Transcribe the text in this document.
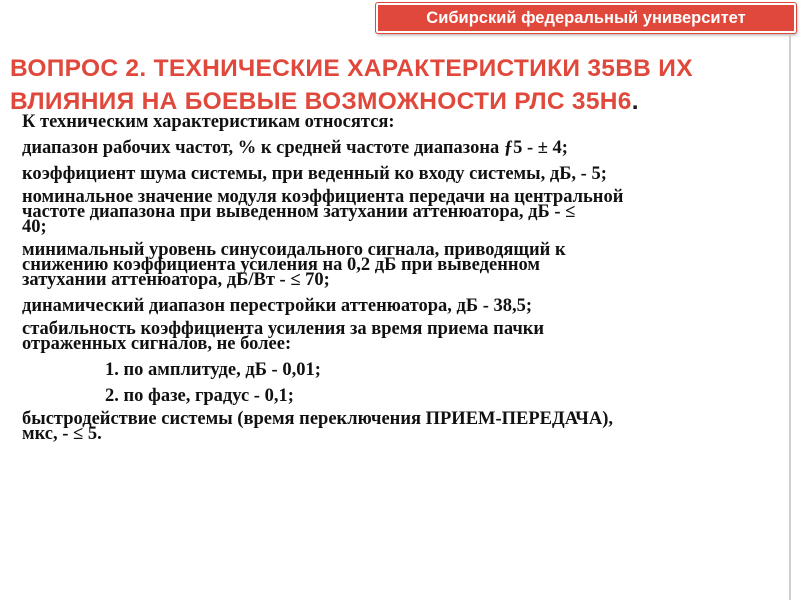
Сибирский федеральный университет
ВОПРОС 2. ТЕХНИЧЕСКИЕ ХАРАКТЕРИСТИКИ 35ВВ ИХ
ВЛИЯНИЯ НА БОЕВЫЕ ВОЗМОЖНОСТИ РЛС 35Н6.

К техническим характеристикам относятся:

диапазон рабочих частот, % к средней частоте диапазона ƒ5 - ± 4;

коэффициент шума системы, при веденный ко входу системы, дБ, - 5;

номинальное значение модуля коэффициента передачи на центральной
частоте диапазона при выведенном затухании аттенюатора, дБ - ≤
40;

минимальный уровень синусоидального сигнала, приводящий к
снижению коэффициента усиления на 0,2 дБ при выведенном
затухании аттенюатора, дБ/Вт - ≤ 70;

динамический диапазон перестройки аттенюатора, дБ - 38,5;

стабильность коэффициента усиления за время приема пачки
отраженных сигналов, не более:

1. по амплитуде, дБ - 0,01;

2. по фазе, градус - 0,1;

быстродействие системы (время переключения ПРИЕМ-ПЕРЕДАЧА),
мкс, - ≤ 5.
